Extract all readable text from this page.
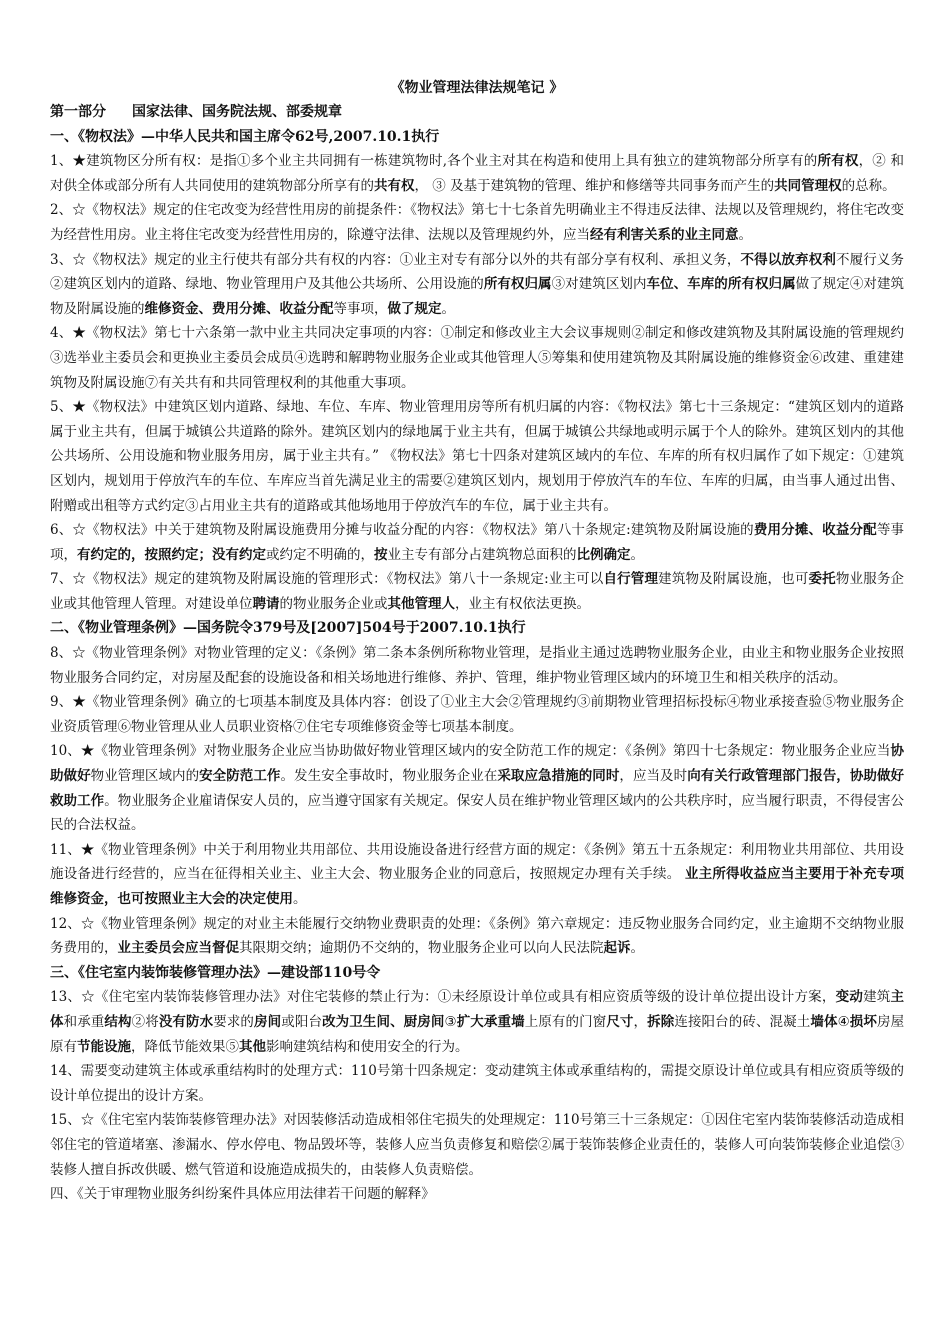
《物业管理法律法规笔记 》
第一部分 国家法律、国务院法规、部委规章
一、《物权法》—中华人民共和国主席令62号,2007.10.1执行
1、★建筑物区分所有权：是指①多个业主共同拥有一栋建筑物时,各个业主对其在构造和使用上具有独立的建筑物部分所享有的所有权，② 和对供全体或部分所有人共同使用的建筑物部分所享有的共有权， ③ 及基于建筑物的管理、维护和修缮等共同事务而产生的共同管理权的总称。
2、☆《物权法》规定的住宅改变为经营性用房的前提条件：《物权法》第七十七条首先明确业主不得违反法律、法规以及管理规约，将住宅改变为经营性用房。业主将住宅改变为经营性用房的，除遵守法律、法规以及管理规约外，应当经有利害关系的业主同意。
3、☆《物权法》规定的业主行使共有部分共有权的内容：①业主对专有部分以外的共有部分享有权利、承担义务，不得以放弃权利不履行义务②建筑区划内的道路、绿地、物业管理用户及其他公共场所、公用设施的所有权归属③对建筑区划内车位、车库的所有权归属做了规定④对建筑物及附属设施的维修资金、费用分摊、收益分配等事项，做了规定。
4、★《物权法》第七十六条第一款中业主共同决定事项的内容：①制定和修改业主大会议事规则②制定和修改建筑物及其附属设施的管理规约③选举业主委员会和更换业主委员会成员④选聘和解聘物业服务企业或其他管理人⑤筹集和使用建筑物及其附属设施的维修资金⑥改建、重建建筑物及附属设施⑦有关共有和共同管理权利的其他重大事项。
5、★《物权法》中建筑区划内道路、绿地、车位、车库、物业管理用房等所有机归属的内容：《物权法》第七十三条规定：“建筑区划内的道路属于业主共有，但属于城镇公共道路的除外。建筑区划内的绿地属于业主共有，但属于城镇公共绿地或明示属于个人的除外。建筑区划内的其他公共场所、公用设施和物业服务用房，属于业主共有。” 《物权法》第七十四条对建筑区域内的车位、车库的所有权归属作了如下规定：①建筑区划内，规划用于停放汽车的车位、车库应当首先满足业主的需要②建筑区划内，规划用于停放汽车的车位、车库的归属，由当事人通过出售、附赠或出租等方式约定③占用业主共有的道路或其他场地用于停放汽车的车位，属于业主共有。
6、☆《物权法》中关于建筑物及附属设施费用分摊与收益分配的内容：《物权法》第八十条规定:建筑物及附属设施的费用分摊、收益分配等事项，有约定的，按照约定；没有约定或约定不明确的，按业主专有部分占建筑物总面积的比例确定。
7、☆《物权法》规定的建筑物及附属设施的管理形式：《物权法》第八十一条规定:业主可以自行管理建筑物及附属设施，也可委托物业服务企业或其他管理人管理。对建设单位聘请的物业服务企业或其他管理人，业主有权依法更换。
二、《物业管理条例》—国务院令379号及[2007]504号于2007.10.1执行
8、☆《物业管理条例》对物业管理的定义：《条例》第二条本条例所称物业管理，是指业主通过选聘物业服务企业，由业主和物业服务企业按照物业服务合同约定，对房屋及配套的设施设备和相关场地进行维修、养护、管理，维护物业管理区域内的环境卫生和相关秩序的活动。
9、★《物业管理条例》确立的七项基本制度及具体内容：创设了①业主大会②管理规约③前期物业管理招标投标④物业承接查验⑤物业服务企业资质管理⑥物业管理从业人员职业资格⑦住宅专项维修资金等七项基本制度。
10、★《物业管理条例》对物业服务企业应当协助做好物业管理区域内的安全防范工作的规定：《条例》第四十七条规定：物业服务企业应当协助做好物业管理区域内的安全防范工作。发生安全事故时，物业服务企业在采取应急措施的同时，应当及时向有关行政管理部门报告，协助做好救助工作。物业服务企业雇请保安人员的，应当遵守国家有关规定。保安人员在维护物业管理区域内的公共秩序时，应当履行职责，不得侵害公民的合法权益。
11、★《物业管理条例》中关于利用物业共用部位、共用设施设备进行经营方面的规定：《条例》第五十五条规定：利用物业共用部位、共用设施设备进行经营的，应当在征得相关业主、业主大会、物业服务企业的同意后，按照规定办理有关手续。 业主所得收益应当主要用于补充专项维修资金，也可按照业主大会的决定使用。
12、☆《物业管理条例》规定的对业主未能履行交纳物业费职责的处理：《条例》第六章规定：违反物业服务合同约定，业主逾期不交纳物业服务费用的，业主委员会应当督促其限期交纳；逾期仍不交纳的，物业服务企业可以向人民法院起诉。
三、《住宅室内装饰装修管理办法》—建设部110号令
13、☆《住宅室内装饰装修管理办法》对住宅装修的禁止行为：①未经原设计单位或具有相应资质等级的设计单位提出设计方案，变动建筑主体和承重结构②将没有防水要求的房间或阳台改为卫生间、厨房间③扩大承重墙上原有的门窗尺寸，拆除连接阳台的砖、混凝土墙体④损坏房屋原有节能设施，降低节能效果⑤其他影响建筑结构和使用安全的行为。
14、需要变动建筑主体或承重结构时的处理方式：110号第十四条规定：变动建筑主体或承重结构的，需提交原设计单位或具有相应资质等级的设计单位提出的设计方案。
15、☆《住宅室内装饰装修管理办法》对因装修活动造成相邻住宅损失的处理规定：110号第三十三条规定：①因住宅室内装饰装修活动造成相邻住宅的管道堵塞、渗漏水、停水停电、物品毁坏等，装修人应当负责修复和赔偿②属于装饰装修企业责任的，装修人可向装饰装修企业追偿③装修人擅自拆改供暖、燃气管道和设施造成损失的，由装修人负责赔偿。
四、《关于审理物业服务纠纷案件具体应用法律若干问题的解释》
